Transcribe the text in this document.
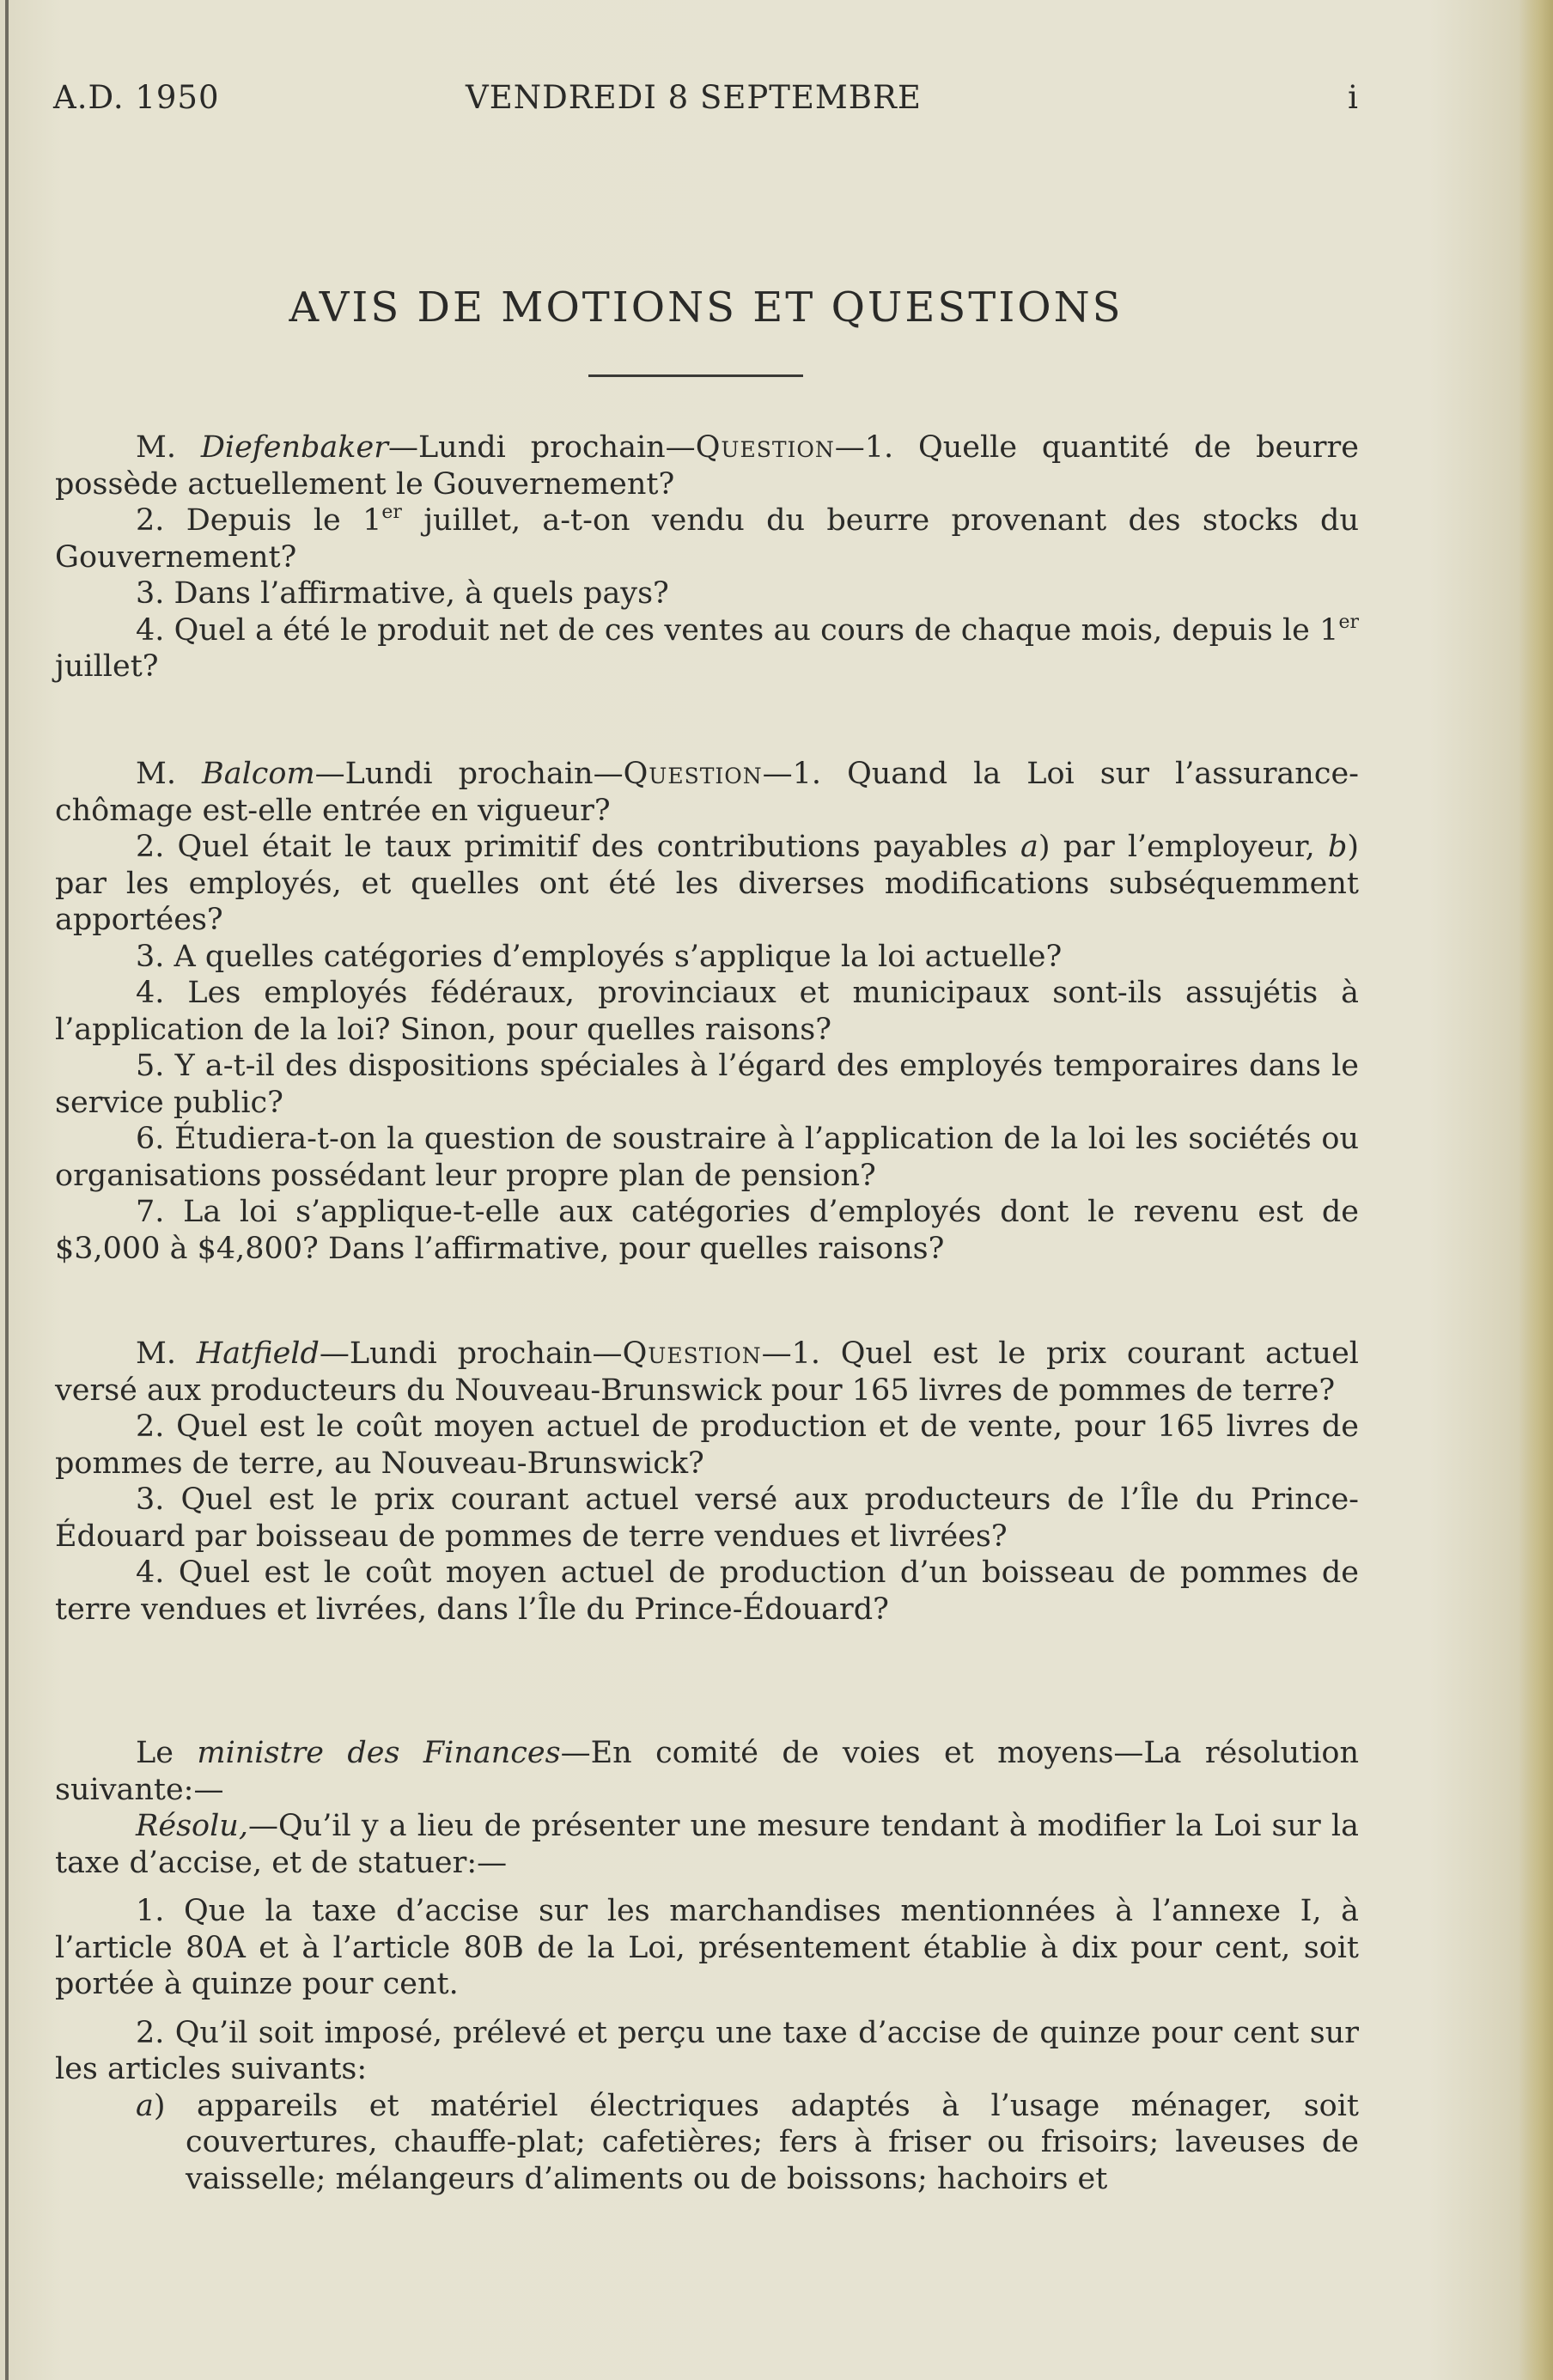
A.D. 1950	VENDREDI 8 SEPTEMBRE	i
AVIS DE MOTIONS ET QUESTIONS

M. Diefenbaker—Lundi prochain—Question—1. Quelle quantité de beurre possède actuellement le Gouvernement?

2. Depuis le 1er juillet, a-t-on vendu du beurre provenant des stocks du Gouvernement?

3. Dans l’affirmative, à quels pays?

4. Quel a été le produit net de ces ventes au cours de chaque mois, depuis le 1er juillet?

M. Balcom—Lundi prochain—Question—1. Quand la Loi sur l’assurance-chômage est-elle entrée en vigueur?

2. Quel était le taux primitif des contributions payables a) par l’employeur, b) par les employés, et quelles ont été les diverses modifications subséquemment apportées?

3. A quelles catégories d’employés s’applique la loi actuelle?

4. Les employés fédéraux, provinciaux et municipaux sont-ils assujétis à l’application de la loi? Sinon, pour quelles raisons?

5. Y a-t-il des dispositions spéciales à l’égard des employés temporaires dans le service public?

6. Étudiera-t-on la question de soustraire à l’application de la loi les sociétés ou organisations possédant leur propre plan de pension?

7. La loi s’applique-t-elle aux catégories d’employés dont le revenu est de $3,000 à $4,800? Dans l’affirmative, pour quelles raisons?

M. Hatfield—Lundi prochain—Question—1. Quel est le prix courant actuel versé aux producteurs du Nouveau-Brunswick pour 165 livres de pommes de terre?

2. Quel est le coût moyen actuel de production et de vente, pour 165 livres de pommes de terre, au Nouveau-Brunswick?

3. Quel est le prix courant actuel versé aux producteurs de l’Île du Prince-Édouard par boisseau de pommes de terre vendues et livrées?

4. Quel est le coût moyen actuel de production d’un boisseau de pommes de terre vendues et livrées, dans l’Île du Prince-Édouard?

Le ministre des Finances—En comité de voies et moyens—La résolution suivante:—

Résolu,—Qu’il y a lieu de présenter une mesure tendant à modifier la Loi sur la taxe d’accise, et de statuer:—

1. Que la taxe d’accise sur les marchandises mentionnées à l’annexe I, à l’article 80A et à l’article 80B de la Loi, présentement établie à dix pour cent, soit portée à quinze pour cent.

2. Qu’il soit imposé, prélevé et perçu une taxe d’accise de quinze pour cent sur les articles suivants:

a) appareils et matériel électriques adaptés à l’usage ménager, soit couvertures, chauffe-plat; cafetières; fers à friser ou frisoirs; laveuses de vaisselle; mélangeurs d’aliments ou de boissons; hachoirs et
